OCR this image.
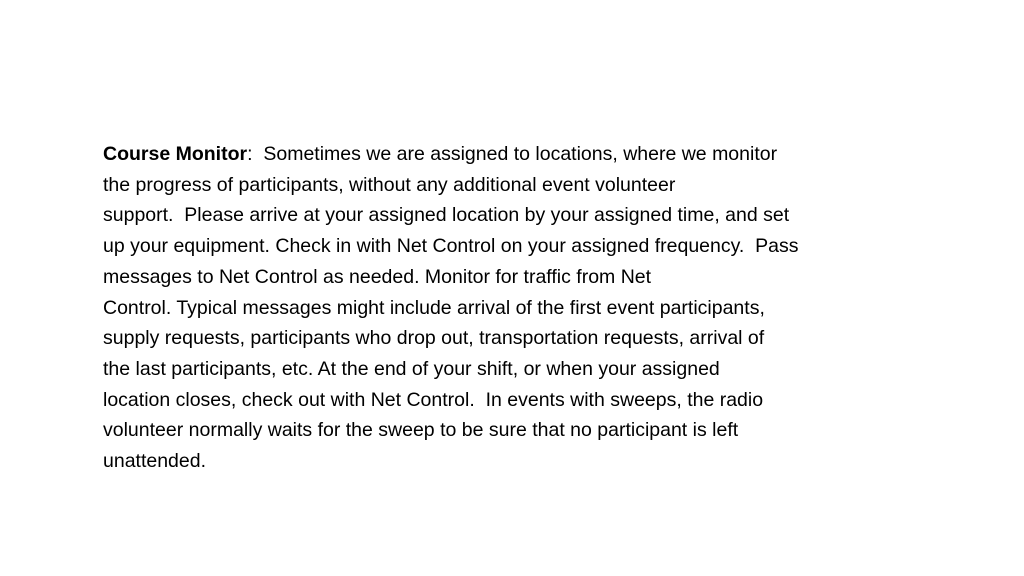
Course Monitor:  Sometimes we are assigned to locations, where we monitor
the progress of participants, without any additional event volunteer
support.  Please arrive at your assigned location by your assigned time, and set
up your equipment. Check in with Net Control on your assigned frequency.  Pass
messages to Net Control as needed. Monitor for traffic from Net
Control. Typical messages might include arrival of the first event participants,
supply requests, participants who drop out, transportation requests, arrival of
the last participants, etc. At the end of your shift, or when your assigned
location closes, check out with Net Control.  In events with sweeps, the radio
volunteer normally waits for the sweep to be sure that no participant is left
unattended.
